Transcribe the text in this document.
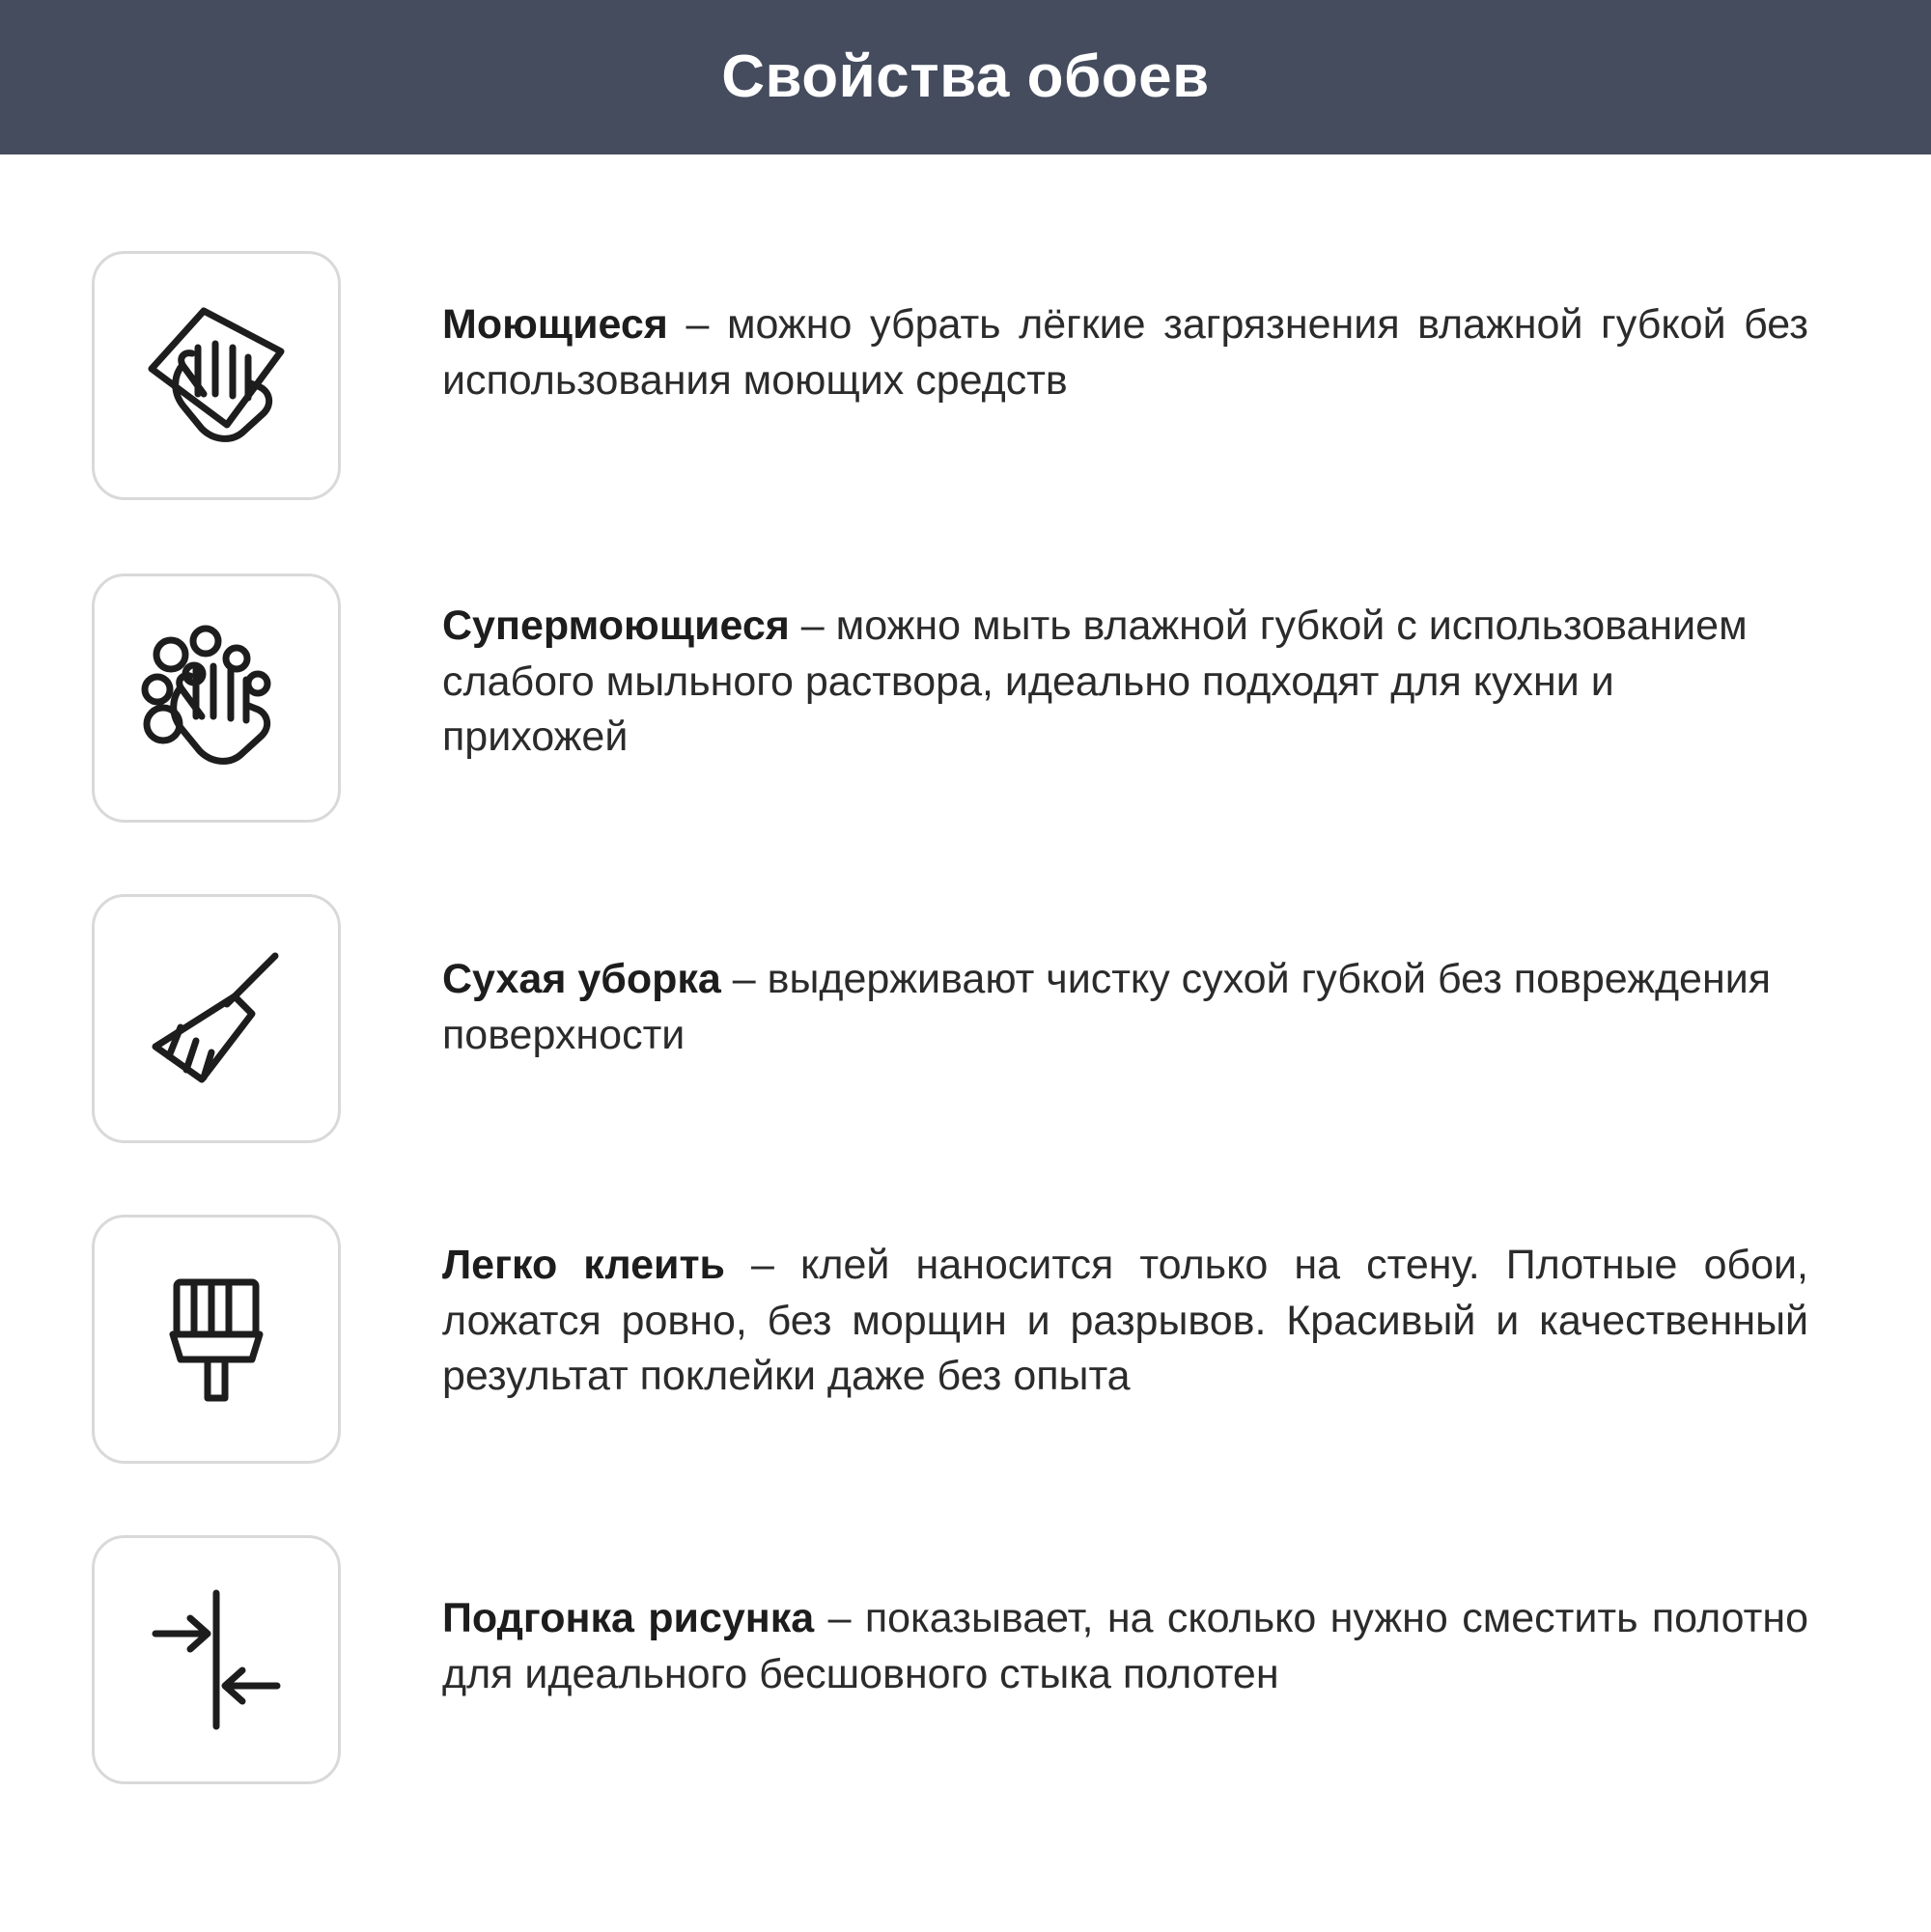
Свойства обоев
Моющиеся – можно убрать лёгкие загрязнения влажной губкой без использования моющих средств
Супермоющиеся – можно мыть влажной губкой с использованием слабого мыльного раствора, идеально подходят для кухни и прихожей
Сухая уборка – выдерживают чистку сухой губкой без повреждения поверхности
Легко клеить – клей наносится только на стену. Плотные обои, ложатся ровно, без морщин и разрывов. Красивый и качественный результат поклейки даже без опыта
Подгонка рисунка – показывает, на сколько нужно сместить полотно для идеального бесшовного стыка полотен
